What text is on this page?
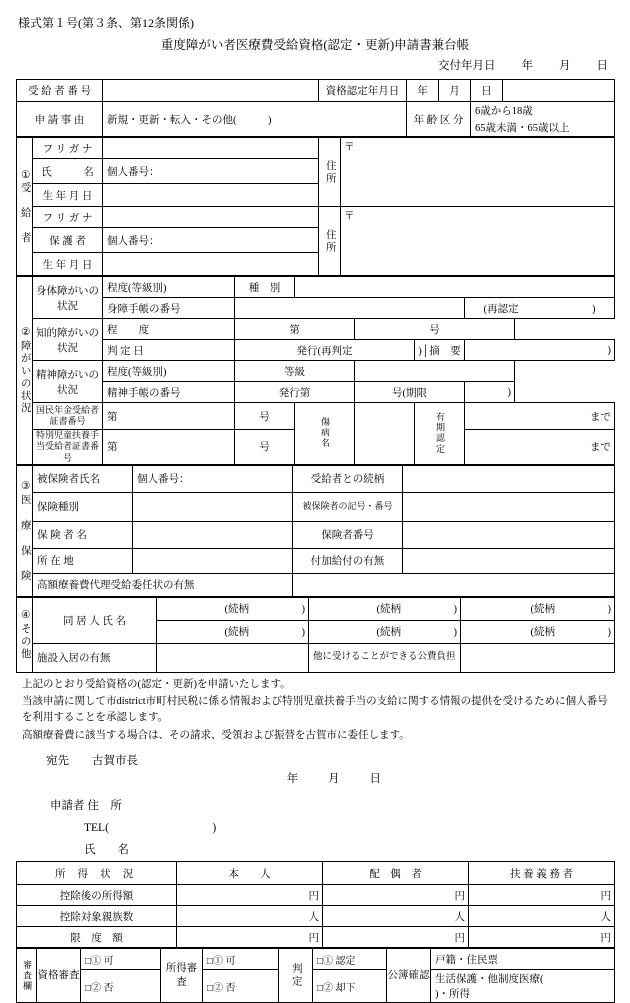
様式第１号(第３条、第12条関係)
重度障がい者医療費受給資格(認定・更新)申請書兼台帳
交付年月日 年 月 日
受 給 者 番 号		資格認定年月日	年	月	日	
申 請 事 由	新規・更新・転入・その他(　　　)	年 齢 区 分	
6歳から18歳
65歳未満・65歳以上
①
受　給　者	フ リ ガ ナ		住所	〒
	氏　　　名	個人番号：		
	生 年 月 日			
	フ リ ガ ナ		住所	〒
	保 護 者	個人番号：		
	生 年 月 日			
②
障がいの状況	身体障がいの状況	程度(等級別)	種　別				
		身障手帳の番号					(再認定　　　　　　　)

	知的障がいの状況	程　　度	第		号		
		判 定 日	発行(再判定			)│摘　要	)

	精神障がいの状況	程度(等級別)	等級				
		精神手帳の番号	発行第		号(期限		)

	国民年金受給者証書番号	第	号	傷病名		有期認定	まで

	特別児童扶養手当受給者証書番号	第	号				まで
③
医 療 保 険	被保険者氏名	個人番号：	受給者との続柄	
	保険種別		被保険者の記号・番号	

	保 険 者 名		保険者番号	
	所 在 地		付加給付の有無	
	高額療養費代理受給委任状の有無			
④
その他	同 居 人 氏 名	(続柄　　　　　)	(続柄　　　　　)	(続柄　　　　　)
		(続柄　　　　　)	(続柄　　　　　)	(続柄　　　　　)
	施設入居の有無		他に受けることができる公費負担	

上記のとおり受給資格の(認定・更新)を申請いたします。

当該申請に関して市district市町村民税に係る情報および特別児童扶養手当の支給に関する情報の提供を受けるために個人番号を利用することを承認します。

高額療養費に該当する場合は、その請求、受領および振替を古賀市に委任します。

宛先　　古賀市長
年　　月　　日
申請者 住　所
TEL(　　　　　　　　　)
氏　名
所 得 状 況	本　　人	配　偶　者	扶 養 義 務 者
控除後の所得額	円	円	円
控除対象親族数	人	人	人
限　度　額	円	円	円
審査欄	資格審査	□① 可	所得審査	□① 可	判定	□① 認定	公簿確認	戸籍・住民票
		□② 否		□② 否		□② 却下		生活保護・他制度医療()・所得
